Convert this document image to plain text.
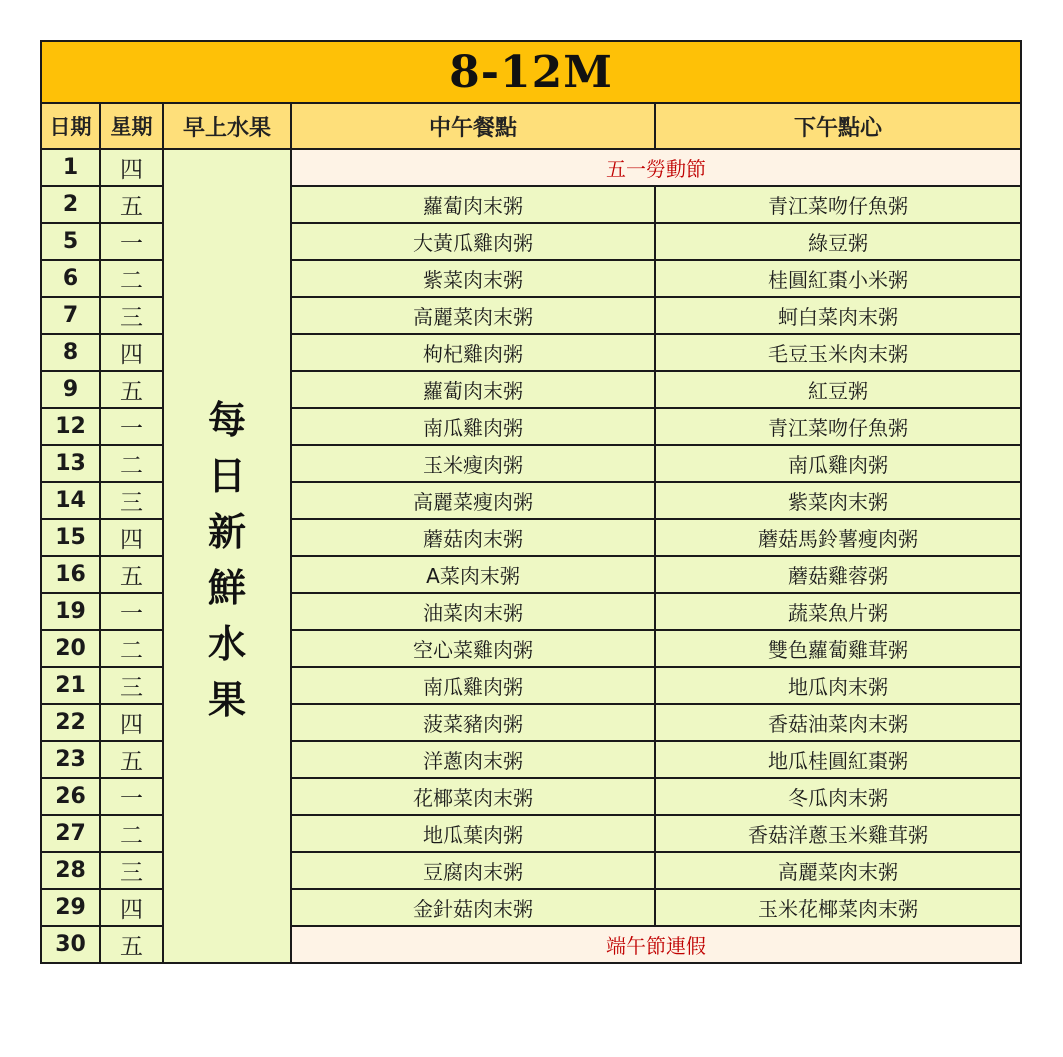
8-12M				
日期	星期	早上水果	中午餐點	下午點心
1	四	每日新鮮水果	五一勞動節	
2	五		蘿蔔肉末粥	青江菜吻仔魚粥
5	一		大黃瓜雞肉粥	綠豆粥
6	二		紫菜肉末粥	桂圓紅棗小米粥
7	三		高麗菜肉末粥	蚵白菜肉末粥
8	四		枸杞雞肉粥	毛豆玉米肉末粥
9	五		蘿蔔肉末粥	紅豆粥
12	一		南瓜雞肉粥	青江菜吻仔魚粥
13	二		玉米瘦肉粥	南瓜雞肉粥
14	三		高麗菜瘦肉粥	紫菜肉末粥
15	四		蘑菇肉末粥	蘑菇馬鈴薯瘦肉粥
16	五		A菜肉末粥	蘑菇雞蓉粥
19	一		油菜肉末粥	蔬菜魚片粥
20	二		空心菜雞肉粥	雙色蘿蔔雞茸粥
21	三		南瓜雞肉粥	地瓜肉末粥
22	四		菠菜豬肉粥	香菇油菜肉末粥
23	五		洋蔥肉末粥	地瓜桂圓紅棗粥
26	一		花椰菜肉末粥	冬瓜肉末粥
27	二		地瓜葉肉粥	香菇洋蔥玉米雞茸粥
28	三		豆腐肉末粥	高麗菜肉末粥
29	四		金針菇肉末粥	玉米花椰菜肉末粥
30	五		端午節連假	
